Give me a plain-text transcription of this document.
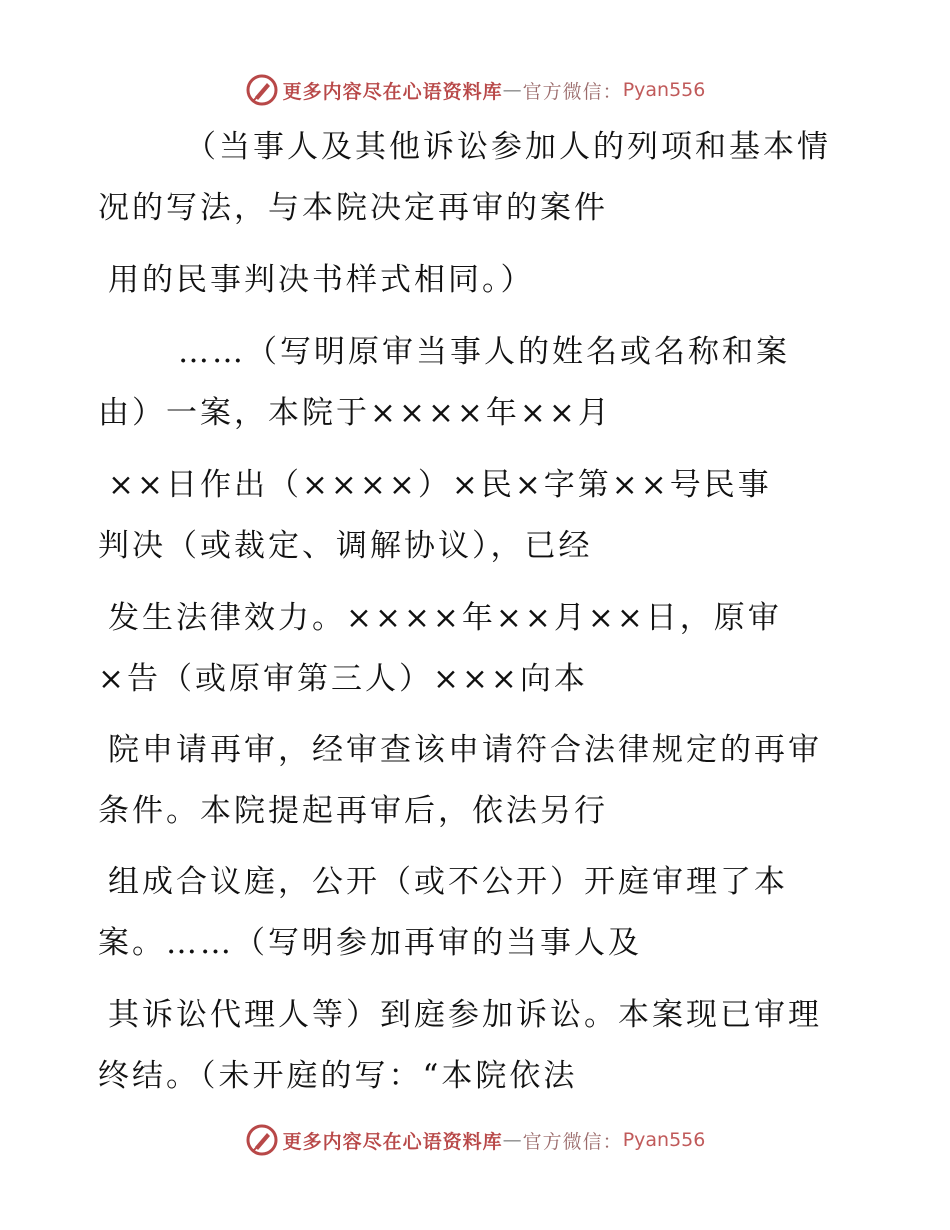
更多内容尽在心语资料库 — 官方微信： Pyan556

（当事人及其他诉讼参加人的列项和基本情
况的写法，与本院决定再审的案件

用的民事判决书样式相同。）

……（写明原审当事人的姓名或名称和案
由）一案，本院于××××年××月

××日作出（××××）×民×字第××号民事
判决（或裁定、调解协议），已经

发生法律效力。××××年××月××日，原审
×告（或原审第三人）×××向本

院申请再审，经审查该申请符合法律规定的再审
条件。本院提起再审后，依法另行

组成合议庭，公开（或不公开）开庭审理了本
案。……（写明参加再审的当事人及

其诉讼代理人等）到庭参加诉讼。本案现已审理
终结。（未开庭的写：“本院依法

更多内容尽在心语资料库 — 官方微信： Pyan556
